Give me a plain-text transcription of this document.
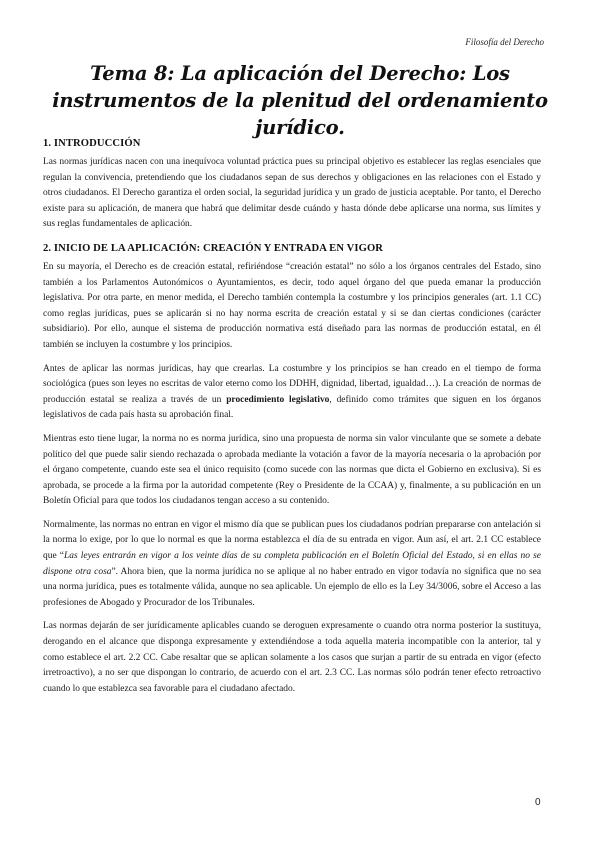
Filosofía del Derecho
Tema 8: La aplicación del Derecho: Los instrumentos de la plenitud del ordenamiento jurídico.
1. INTRODUCCIÓN

Las normas jurídicas nacen con una inequívoca voluntad práctica pues su principal objetivo es establecer las reglas esenciales que regulan la convivencia, pretendiendo que los ciudadanos sepan de sus derechos y obligaciones en las relaciones con el Estado y otros ciudadanos. El Derecho garantiza el orden social, la seguridad jurídica y un grado de justicia aceptable. Por tanto, el Derecho existe para su aplicación, de manera que habrá que delimitar desde cuándo y hasta dónde debe aplicarse una norma, sus límites y sus reglas fundamentales de aplicación.

2. INICIO DE LA APLICACIÓN: CREACIÓN Y ENTRADA EN VIGOR

En su mayoría, el Derecho es de creación estatal, refiriéndose “creación estatal” no sólo a los órganos centrales del Estado, sino también a los Parlamentos Autonómicos o Ayuntamientos, es decir, todo aquel órgano del que pueda emanar la producción legislativa. Por otra parte, en menor medida, el Derecho también contempla la costumbre y los principios generales (art. 1.1 CC) como reglas jurídicas, pues se aplicarán si no hay norma escrita de creación estatal y si se dan ciertas condiciones (carácter subsidiario). Por ello, aunque el sistema de producción normativa está diseñado para las normas de producción estatal, en él también se incluyen la costumbre y los principios.

Antes de aplicar las normas jurídicas, hay que crearlas. La costumbre y los principios se han creado en el tiempo de forma sociológica (pues son leyes no escritas de valor eterno como los DDHH, dignidad, libertad, igualdad…). La creación de normas de producción estatal se realiza a través de un procedimiento legislativo, definido como trámites que siguen en los órganos legislativos de cada país hasta su aprobación final.

Mientras esto tiene lugar, la norma no es norma jurídica, sino una propuesta de norma sin valor vinculante que se somete a debate político del que puede salir siendo rechazada o aprobada mediante la votación a favor de la mayoría necesaria o la aprobación por el órgano competente, cuando este sea el único requisito (como sucede con las normas que dicta el Gobierno en exclusiva). Si es aprobada, se procede a la firma por la autoridad competente (Rey o Presidente de la CCAA) y, finalmente, a su publicación en un Boletín Oficial para que todos los ciudadanos tengan acceso a su contenido.

Normalmente, las normas no entran en vigor el mismo día que se publican pues los ciudadanos podrían prepararse con antelación si la norma lo exige, por lo que lo normal es que la norma establezca el día de su entrada en vigor. Aun así, el art. 2.1 CC establece que “Las leyes entrarán en vigor a los veinte días de su completa publicación en el Boletín Oficial del Estado, si en ellas no se dispone otra cosa”. Ahora bien, que la norma jurídica no se aplique al no haber entrado en vigor todavía no significa que no sea una norma jurídica, pues es totalmente válida, aunque no sea aplicable. Un ejemplo de ello es la Ley 34/3006, sobre el Acceso a las profesiones de Abogado y Procurador de los Tribunales.

Las normas dejarán de ser jurídicamente aplicables cuando se deroguen expresamente o cuando otra norma posterior la sustituya, derogando en el alcance que disponga expresamente y extendiéndose a toda aquella materia incompatible con la anterior, tal y como establece el art. 2.2 CC. Cabe resaltar que se aplican solamente a los casos que surjan a partir de su entrada en vigor (efecto irretroactivo), a no ser que dispongan lo contrario, de acuerdo con el art. 2.3 CC. Las normas sólo podrán tener efecto retroactivo cuando lo que establezca sea favorable para el ciudadano afectado.

0
